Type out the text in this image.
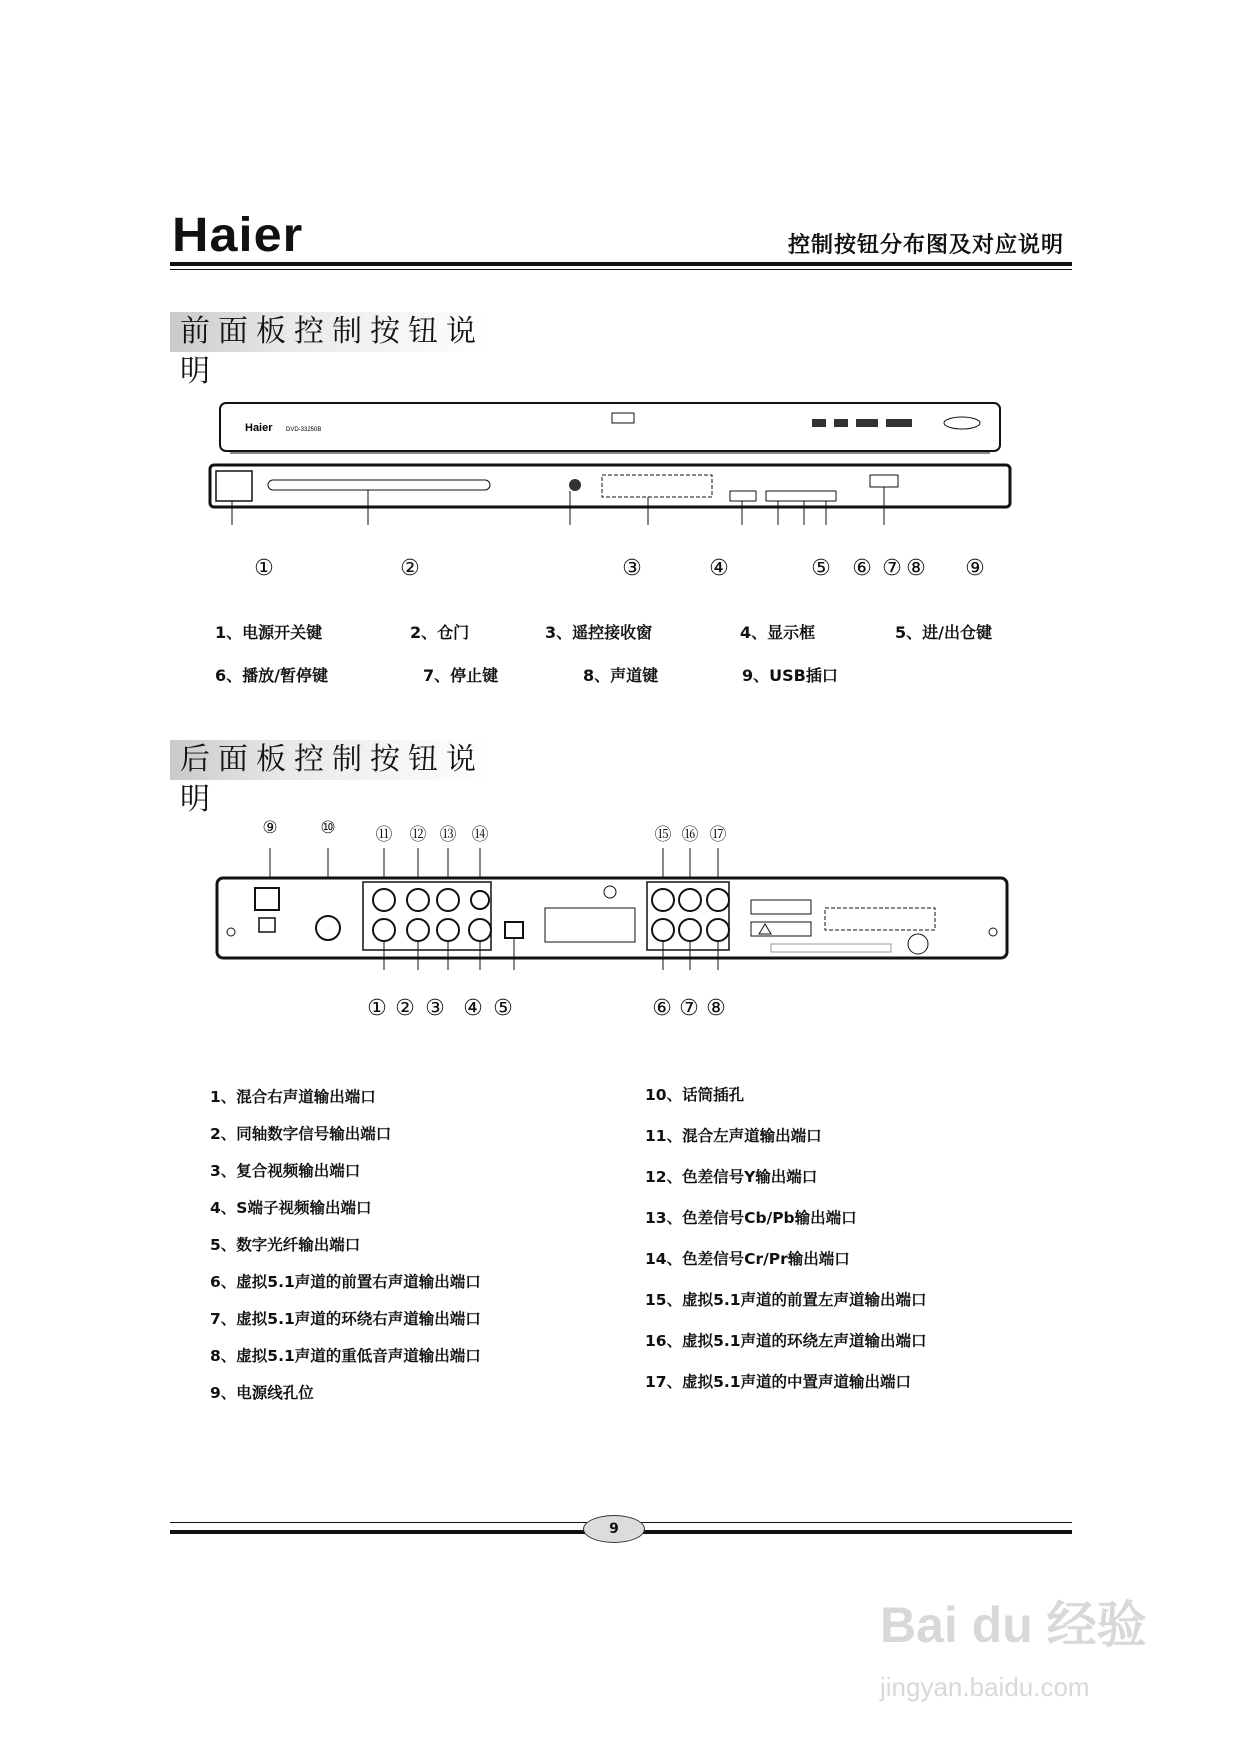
Haier	控制按钮分布图及对应说明
前面板控制按钮说明
Haier DVD-33250B
①	②	③	④	⑤ ⑥ ⑦ ⑧ ⑨
1、电源开关键	2、仓门	3、遥控接收窗	4、显示框	5、进/出仓键
6、播放/暂停键	7、停止键	8、声道键	9、USB插口
后面板控制按钮说明
⑨	⑩	⑪ ⑫ ⑬ ⑭	⑮ ⑯ ⑰
① ② ③ ④ ⑤	⑥ ⑦ ⑧
1、混合右声道输出端口
2、同轴数字信号输出端口
3、复合视频输出端口
4、S端子视频输出端口
5、数字光纤输出端口
6、虚拟5.1声道的前置右声道输出端口
7、虚拟5.1声道的环绕右声道输出端口
8、虚拟5.1声道的重低音声道输出端口
9、电源线孔位
10、话筒插孔
11、混合左声道输出端口
12、色差信号Y输出端口
13、色差信号Cb/Pb输出端口
14、色差信号Cr/Pr输出端口
15、虚拟5.1声道的前置左声道输出端口
16、虚拟5.1声道的环绕左声道输出端口
17、虚拟5.1声道的中置声道输出端口
9
Bai du 经验
jingyan.baidu.com
